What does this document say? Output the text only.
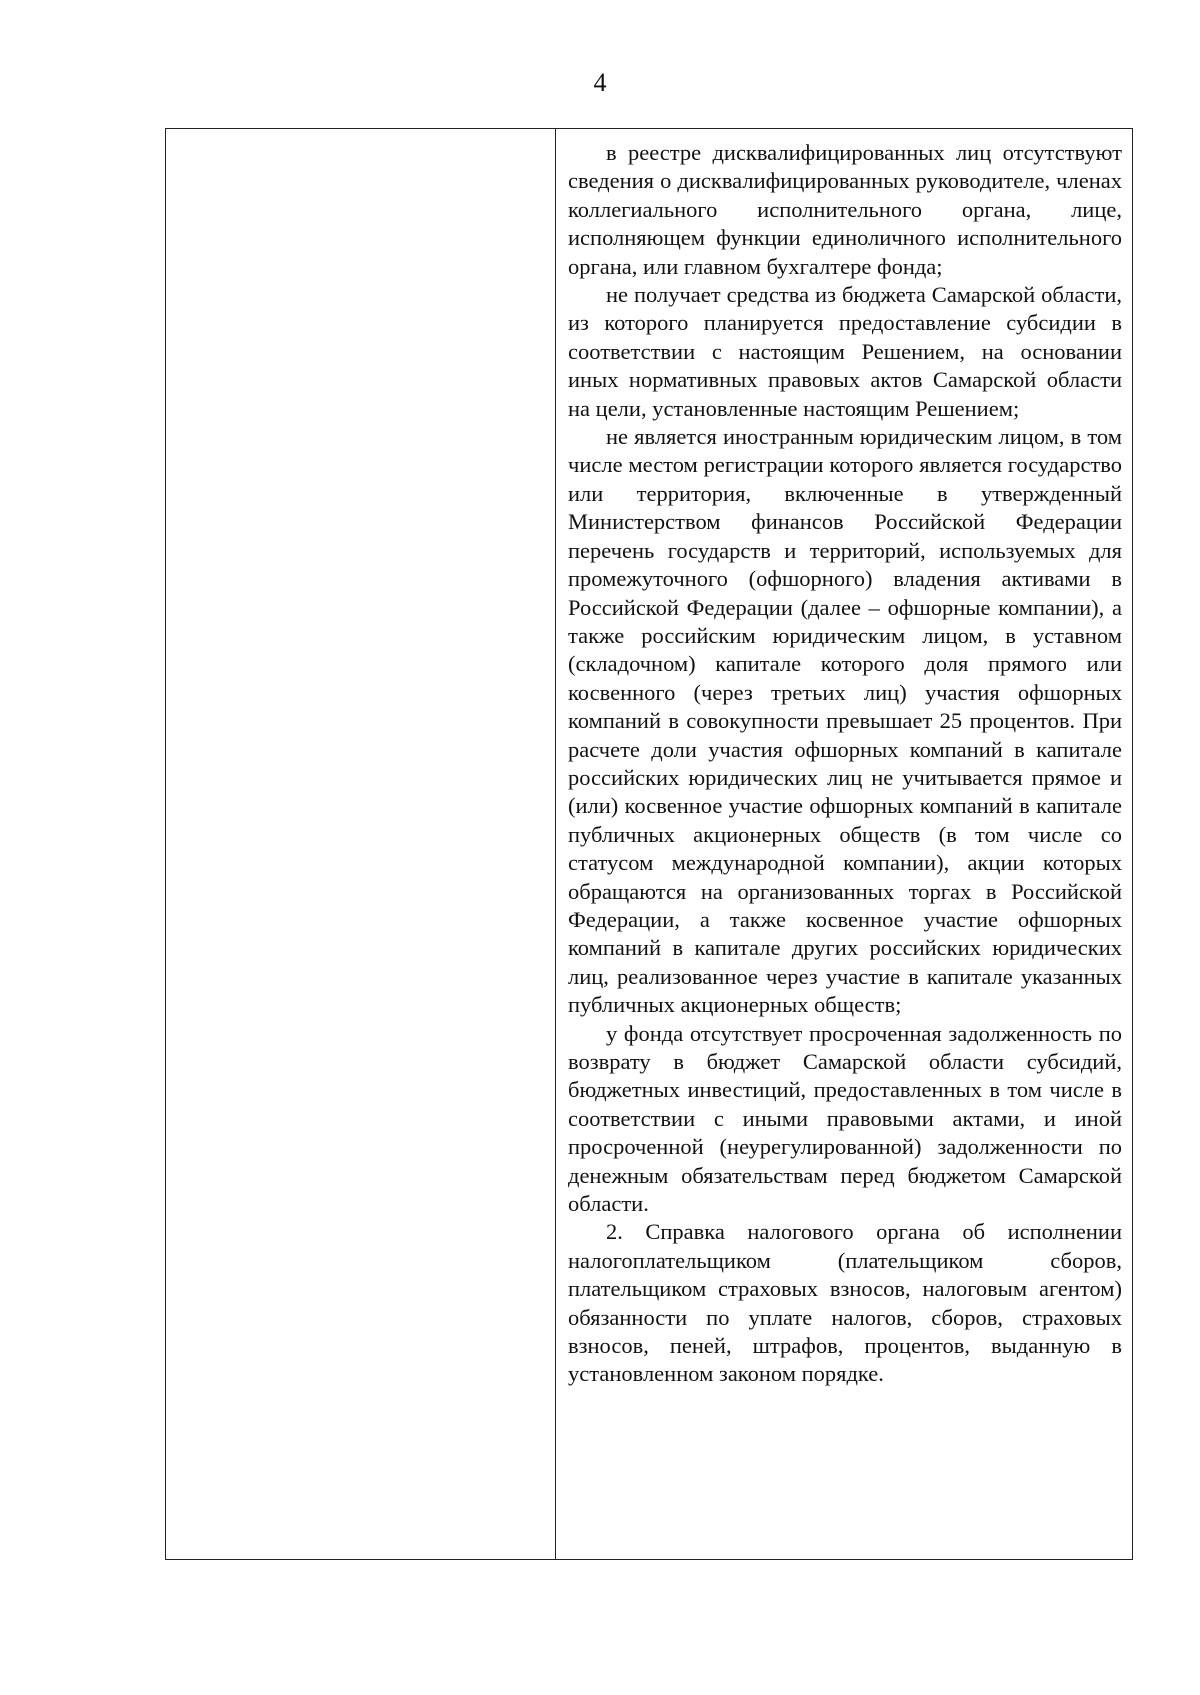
4

в реестре дисквалифицированных лиц отсутствуют сведения о дисквалифицированных руководителе, членах коллегиального исполнительного органа, лице, исполняющем функции единоличного исполнительного органа, или главном бухгалтере фонда;

не получает средства из бюджета Самарской области, из которого планируется предоставление субсидии в соответствии с настоящим Решением, на основании иных нормативных правовых актов Самарской области на цели, установленные настоящим Решением;

не является иностранным юридическим лицом, в том числе местом регистрации которого является государство или территория, включенные в утвержденный Министерством финансов Российской Федерации перечень государств и территорий, используемых для промежуточного (офшорного) владения активами в Российской Федерации (далее – офшорные компании), а также российским юридическим лицом, в уставном (складочном) капитале которого доля прямого или косвенного (через третьих лиц) участия офшорных компаний в совокупности превышает 25 процентов. При расчете доли участия офшорных компаний в капитале российских юридических лиц не учитывается прямое и (или) косвенное участие офшорных компаний в капитале публичных акционерных обществ (в том числе со статусом международной компании), акции которых обращаются на организованных торгах в Российской Федерации, а также косвенное участие офшорных компаний в капитале других российских юридических лиц, реализованное через участие в капитале указанных публичных акционерных обществ;

у фонда отсутствует просроченная задолженность по возврату в бюджет Самарской области субсидий, бюджетных инвестиций, предоставленных в том числе в соответствии с иными правовыми актами, и иной просроченной (неурегулированной) задолженности по денежным обязательствам перед бюджетом Самарской области.

2. Справка налогового органа об исполнении налогоплательщиком (плательщиком сборов, плательщиком страховых взносов, налоговым агентом) обязанности по уплате налогов, сборов, страховых взносов, пеней, штрафов, процентов, выданную в установленном законом порядке.
